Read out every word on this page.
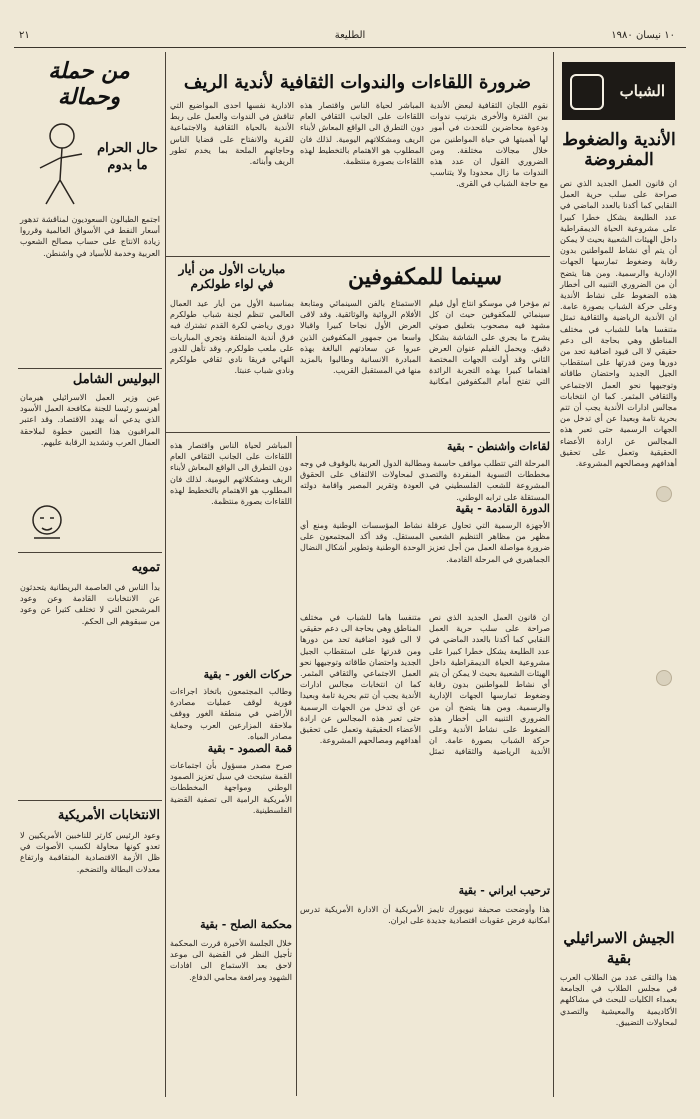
١٠ نيسان ١٩٨٠
الطليعة
٢١
الشباب
الأندية والضغوط المفروضة
ان قانون العمل الجديد الذي نص صراحة على سلب حرية العمل النقابي كما أكدنا بالعدد الماضي في عدد الطليعة يشكل خطرا كبيرا على مشروعية الحياة الديمقراطية داخل الهيئات الشعبية بحيث لا يمكن أن يتم أي نشاط للمواطنين بدون رقابة وضغوط تمارسها الجهات الإدارية والرسمية. ومن هنا يتضح أن من الضروري التنبيه الى أخطار هذه الضغوط على نشاط الأندية وعلى حركة الشباب بصورة عامة. ان الأندية الرياضية والثقافية تمثل متنفسا هاما للشباب في مختلف المناطق وهي بحاجة الى دعم حقيقي لا الى قيود اضافية تحد من دورها ومن قدرتها على استقطاب الجيل الجديد واحتضان طاقاته وتوجيهها نحو العمل الاجتماعي والثقافي المثمر. كما ان انتخابات مجالس ادارات الأندية يجب أن تتم بحرية تامة وبعيدا عن أي تدخل من الجهات الرسمية حتى تعبر هذه المجالس عن ارادة الأعضاء الحقيقية وتعمل على تحقيق أهدافهم ومصالحهم المشروعة.
الجيش الاسرائيلي بقية
هذا والتقى عدد من الطلاب العرب في مجلس الطلاب في الجامعة بعمداء الكليات للبحث في مشاكلهم الأكاديمية والمعيشية والتصدي لمحاولات التضييق.
ضرورة اللقاءات والندوات الثقافية لأندية الريف
نقوم اللجان الثقافية لبعض الأندية بين الفترة والأخرى بترتيب ندوات ودعوة محاضرين للتحدث في أمور لها أهميتها في حياة المواطنين من خلال مجالات مختلفة. ومن الضروري القول ان عدد هذه الندوات ما زال محدودا ولا يتناسب مع حاجة الشباب في القرى.
المباشر لحياة الناس واقتصار هذه اللقاءات على الجانب الثقافي العام دون التطرق الى الواقع المعاش لأبناء الريف ومشكلاتهم اليومية. لذلك فان المطلوب هو الاهتمام بالتخطيط لهذه اللقاءات بصورة منتظمة.
الادارية نفسها احدى المواضيع التي تناقش في الندوات والعمل على ربط الأندية بالحياة الثقافية والاجتماعية للقرية والانفتاح على قضايا الناس وحاجاتهم الملحة بما يخدم تطور الريف وأبنائه.
سينما للمكفوفين
تم مؤخرا في موسكو انتاج أول فيلم سينمائي للمكفوفين حيث ان كل مشهد فيه مصحوب بتعليق صوتي يشرح ما يجري على الشاشة بشكل دقيق. ويحمل الفيلم عنوان العرض الثاني وقد أولت الجهات المختصة اهتماما كبيرا بهذه التجربة الرائدة التي تفتح أمام المكفوفين امكانية الاستمتاع بالفن السينمائي ومتابعة الأفلام الروائية والوثائقية. وقد لاقى العرض الأول نجاحا كبيرا واقبالا واسعا من جمهور المكفوفين الذين عبروا عن سعادتهم البالغة بهذه المبادرة الانسانية وطالبوا بالمزيد منها في المستقبل القريب.
مباريات الأول من أيار في لواء طولكرم
بمناسبة الأول من أيار عيد العمال العالمي تنظم لجنة شباب طولكرم دوري رياضي لكرة القدم تشترك فيه فرق أندية المنطقة وتجري المباريات على ملعب طولكرم. وقد تأهل للدور النهائي فريقا نادي ثقافي طولكرم ونادي شباب عنبتا.
لقاءات واشنطن - بقية
المرحلة التي تتطلب مواقف حاسمة ومطالبة الدول العربية بالوقوف في وجه مخططات التسوية المنفردة والتصدي لمحاولات الالتفاف على الحقوق المشروعة للشعب الفلسطيني في العودة وتقرير المصير واقامة دولته المستقلة على ترابه الوطني.
الدورة القادمة - بقية
الأجهزة الرسمية التي تحاول عرقلة نشاط المؤسسات الوطنية ومنع أي مظهر من مظاهر التنظيم الشعبي المستقل. وقد أكد المجتمعون على ضرورة مواصلة العمل من أجل تعزيز الوحدة الوطنية وتطوير أشكال النضال الجماهيري في المرحلة القادمة.
ان قانون العمل الجديد الذي نص صراحة على سلب حرية العمل النقابي كما أكدنا بالعدد الماضي في عدد الطليعة يشكل خطرا كبيرا على مشروعية الحياة الديمقراطية داخل الهيئات الشعبية بحيث لا يمكن أن يتم أي نشاط للمواطنين بدون رقابة وضغوط تمارسها الجهات الإدارية والرسمية. ومن هنا يتضح أن من الضروري التنبيه الى أخطار هذه الضغوط على نشاط الأندية وعلى حركة الشباب بصورة عامة. ان الأندية الرياضية والثقافية تمثل متنفسا هاما للشباب في مختلف المناطق وهي بحاجة الى دعم حقيقي لا الى قيود اضافية تحد من دورها ومن قدرتها على استقطاب الجيل الجديد واحتضان طاقاته وتوجيهها نحو العمل الاجتماعي والثقافي المثمر. كما ان انتخابات مجالس ادارات الأندية يجب أن تتم بحرية تامة وبعيدا عن أي تدخل من الجهات الرسمية حتى تعبر هذه المجالس عن ارادة الأعضاء الحقيقية وتعمل على تحقيق أهدافهم ومصالحهم المشروعة.
ترحيب ايراني - بقية
هذا وأوضحت صحيفة نيويورك تايمز الأمريكية أن الادارة الأمريكية تدرس امكانية فرض عقوبات اقتصادية جديدة على ايران.
المباشر لحياة الناس واقتصار هذه اللقاءات على الجانب الثقافي العام دون التطرق الى الواقع المعاش لأبناء الريف ومشكلاتهم اليومية. لذلك فان المطلوب هو الاهتمام بالتخطيط لهذه اللقاءات بصورة منتظمة.
حركات الغور - بقية
وطالب المجتمعون باتخاذ اجراءات فورية لوقف عمليات مصادرة الأراضي في منطقة الغور ووقف ملاحقة المزارعين العرب وحماية مصادر المياه.
قمة الصمود - بقية
صرح مصدر مسؤول بأن اجتماعات القمة ستبحث في سبل تعزيز الصمود الوطني ومواجهة المخططات الأمريكية الرامية الى تصفية القضية الفلسطينية.
محكمة الصلح - بقية
خلال الجلسة الأخيرة قررت المحكمة تأجيل النظر في القضية الى موعد لاحق بعد الاستماع الى افادات الشهود ومرافعة محامي الدفاع.
من حملة وحمالة
حال الحرام ما بدوم
اجتمع الطبالون السعوديون لمناقشة تدهور أسعار النفط في الأسواق العالمية وقرروا زيادة الانتاج على حساب مصالح الشعوب العربية وخدمة للأسياد في واشنطن.
البوليس الشامل
عين وزير العمل الاسرائيلي هيرمان أهرنسو رئيسا للجنة مكافحة العمل الأسود الذي يدعي أنه يهدد الاقتصاد. وقد اعتبر المراقبون هذا التعيين خطوة لملاحقة العمال العرب وتشديد الرقابة عليهم.
تمويه
بدأ الناس في العاصمة البريطانية يتحدثون عن الانتخابات القادمة وعن وعود المرشحين التي لا تختلف كثيرا عن وعود من سبقوهم الى الحكم.
الانتخابات الأمريكية
وعود الرئيس كارتر للناخبين الأمريكيين لا تعدو كونها محاولة لكسب الأصوات في ظل الأزمة الاقتصادية المتفاقمة وارتفاع معدلات البطالة والتضخم.
